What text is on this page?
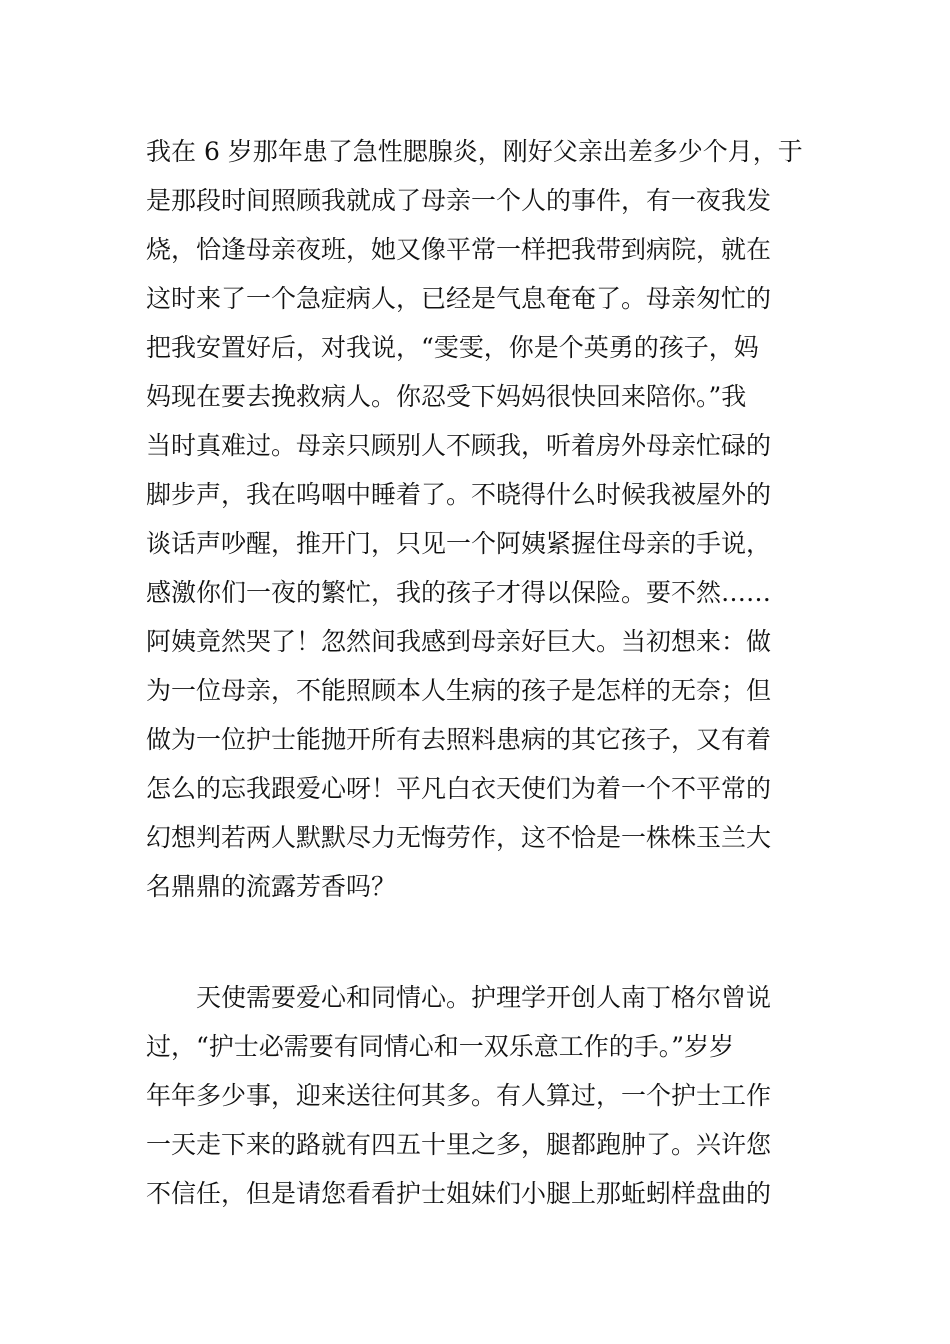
我在 6 岁那年患了急性腮腺炎，刚好父亲出差多少个月，于
是那段时间照顾我就成了母亲一个人的事件，有一夜我发
烧，恰逢母亲夜班，她又像平常一样把我带到病院，就在
这时来了一个急症病人，已经是气息奄奄了。母亲匆忙的
把我安置好后，对我说，“雯雯，你是个英勇的孩子，妈
妈现在要去挽救病人。你忍受下妈妈很快回来陪你。”我
当时真难过。母亲只顾别人不顾我，听着房外母亲忙碌的
脚步声，我在呜咽中睡着了。不晓得什么时候我被屋外的
谈话声吵醒，推开门，只见一个阿姨紧握住母亲的手说，
感激你们一夜的繁忙，我的孩子才得以保险。要不然……
阿姨竟然哭了！忽然间我感到母亲好巨大。当初想来：做
为一位母亲，不能照顾本人生病的孩子是怎样的无奈；但
做为一位护士能抛开所有去照料患病的其它孩子，又有着
怎么的忘我跟爱心呀！平凡白衣天使们为着一个不平常的
幻想判若两人默默尽力无悔劳作，这不恰是一株株玉兰大
名鼎鼎的流露芳香吗？
天使需要爱心和同情心。护理学开创人南丁格尔曾说
过，“护士必需要有同情心和一双乐意工作的手。”岁岁
年年多少事，迎来送往何其多。有人算过，一个护士工作
一天走下来的路就有四五十里之多，腿都跑肿了。兴许您
不信任，但是请您看看护士姐妹们小腿上那蚯蚓样盘曲的
